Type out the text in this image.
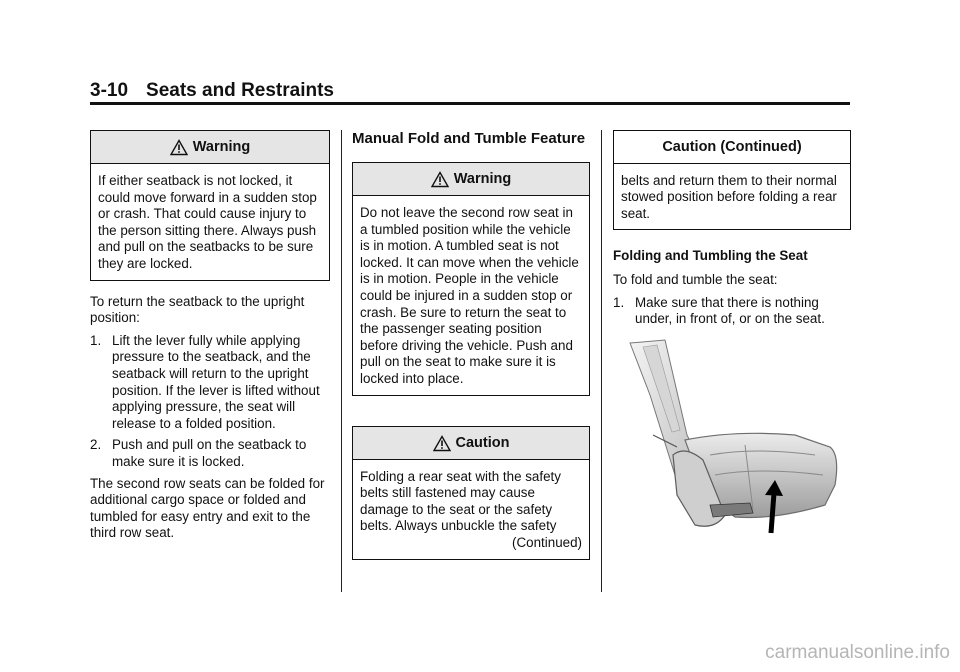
3-10 Seats and Restraints
Warning

If either seatback is not locked, it could move forward in a sudden stop or crash. That could cause injury to the person sitting there. Always push and pull on the seatbacks to be sure they are locked.

To return the seatback to the upright position:

1. Lift the lever fully while applying pressure to the seatback, and the seatback will return to the upright position. If the lever is lifted without applying pressure, the seat will release to a folded position.
2. Push and pull on the seatback to make sure it is locked.

The second row seats can be folded for additional cargo space or folded and tumbled for easy entry and exit to the third row seat.

Manual Fold and Tumble Feature
Warning

Do not leave the second row seat in a tumbled position while the vehicle is in motion. A tumbled seat is not locked. It can move when the vehicle is in motion. People in the vehicle could be injured in a sudden stop or crash. Be sure to return the seat to the passenger seating position before driving the vehicle. Push and pull on the seat to make sure it is locked into place.

Caution

Folding a rear seat with the safety belts still fastened may cause damage to the seat or the safety belts. Always unbuckle the safety

(Continued)

Caution (Continued)

belts and return them to their normal stowed position before folding a rear seat.

Folding and Tumbling the Seat

To fold and tumble the seat:

1. Make sure that there is nothing under, in front of, or on the seat.
carmanualsonline.info
